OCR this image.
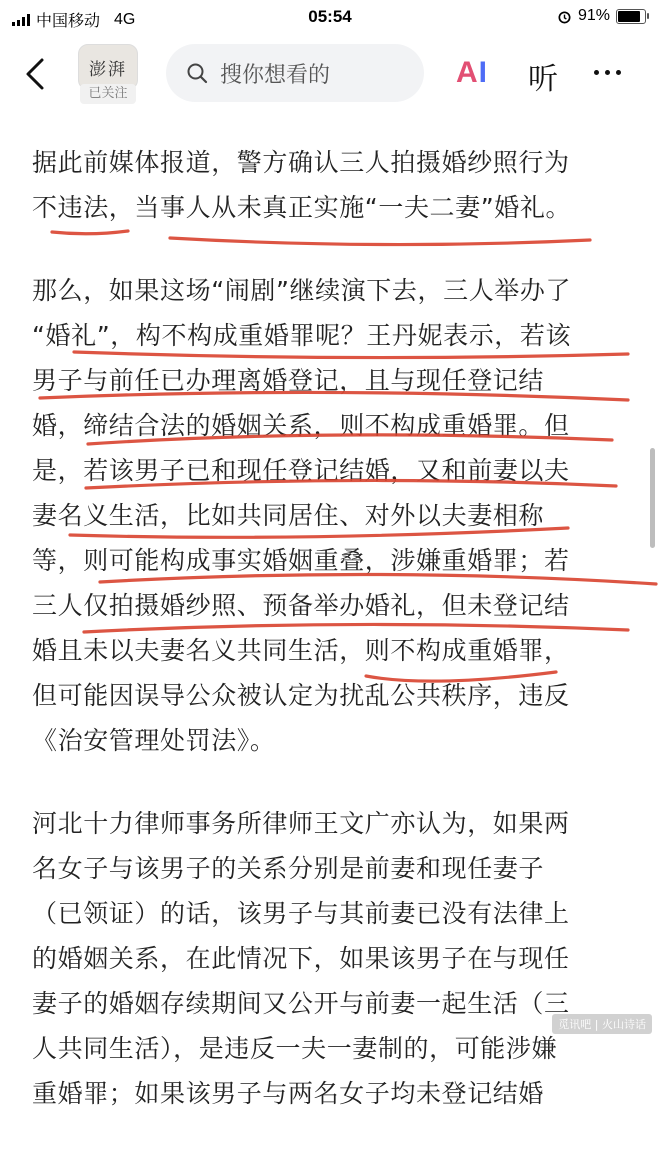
中国移动 4G	05:54	91%
澎湃
已关注
搜你想看的	AI 听
据此前媒体报道，警方确认三人拍摄婚纱照行为
不违法，当事人从未真正实施“一夫二妻”婚礼。
那么，如果这场“闹剧”继续演下去，三人举办了
“婚礼”，构不构成重婚罪呢？王丹妮表示，若该
男子与前任已办理离婚登记，且与现任登记结
婚，缔结合法的婚姻关系，则不构成重婚罪。但
是，若该男子已和现任登记结婚，又和前妻以夫
妻名义生活，比如共同居住、对外以夫妻相称
等，则可能构成事实婚姻重叠，涉嫌重婚罪；若
三人仅拍摄婚纱照、预备举办婚礼，但未登记结
婚且未以夫妻名义共同生活，则不构成重婚罪，
但可能因误导公众被认定为扰乱公共秩序，违反
《治安管理处罚法》。
河北十力律师事务所律师王文广亦认为，如果两
名女子与该男子的关系分别是前妻和现任妻子
（已领证）的话，该男子与其前妻已没有法律上
的婚姻关系，在此情况下，如果该男子在与现任
妻子的婚姻存续期间又公开与前妻一起生活（三
人共同生活），是违反一夫一妻制的，可能涉嫌
重婚罪；如果该男子与两名女子均未登记结婚
觅讯吧 | 火山诗话
